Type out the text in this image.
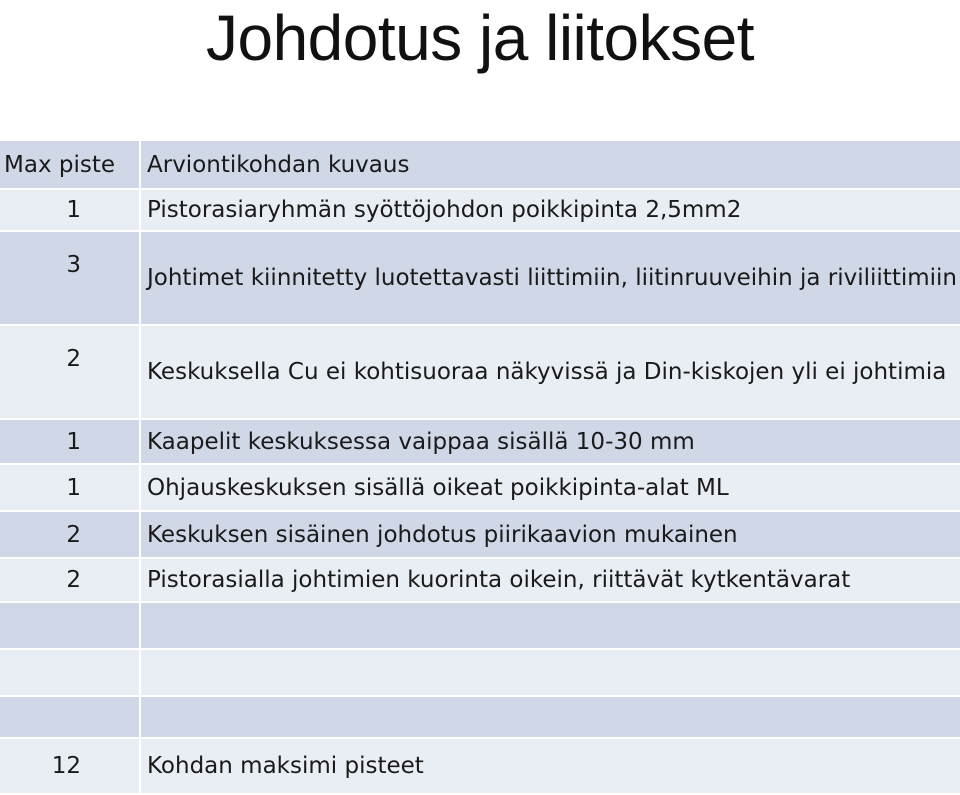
Johdotus ja liitokset
Max piste	Arviontikohdan kuvaus
1	Pistorasiaryhmän syöttöjohdon poikkipinta 2,5mm2
3	Johtimet kiinnitetty luotettavasti liittimiin, liitinruuveihin ja riviliittimiin
2	Keskuksella Cu ei kohtisuoraa näkyvissä ja Din-kiskojen yli ei johtimia
1	Kaapelit keskuksessa vaippaa sisällä 10-30 mm
1	Ohjauskeskuksen sisällä oikeat poikkipinta-alat ML
2	Keskuksen sisäinen johdotus piirikaavion mukainen
2	Pistorasialla johtimien kuorinta oikein, riittävät kytkentävarat

12	Kohdan maksimi pisteet
